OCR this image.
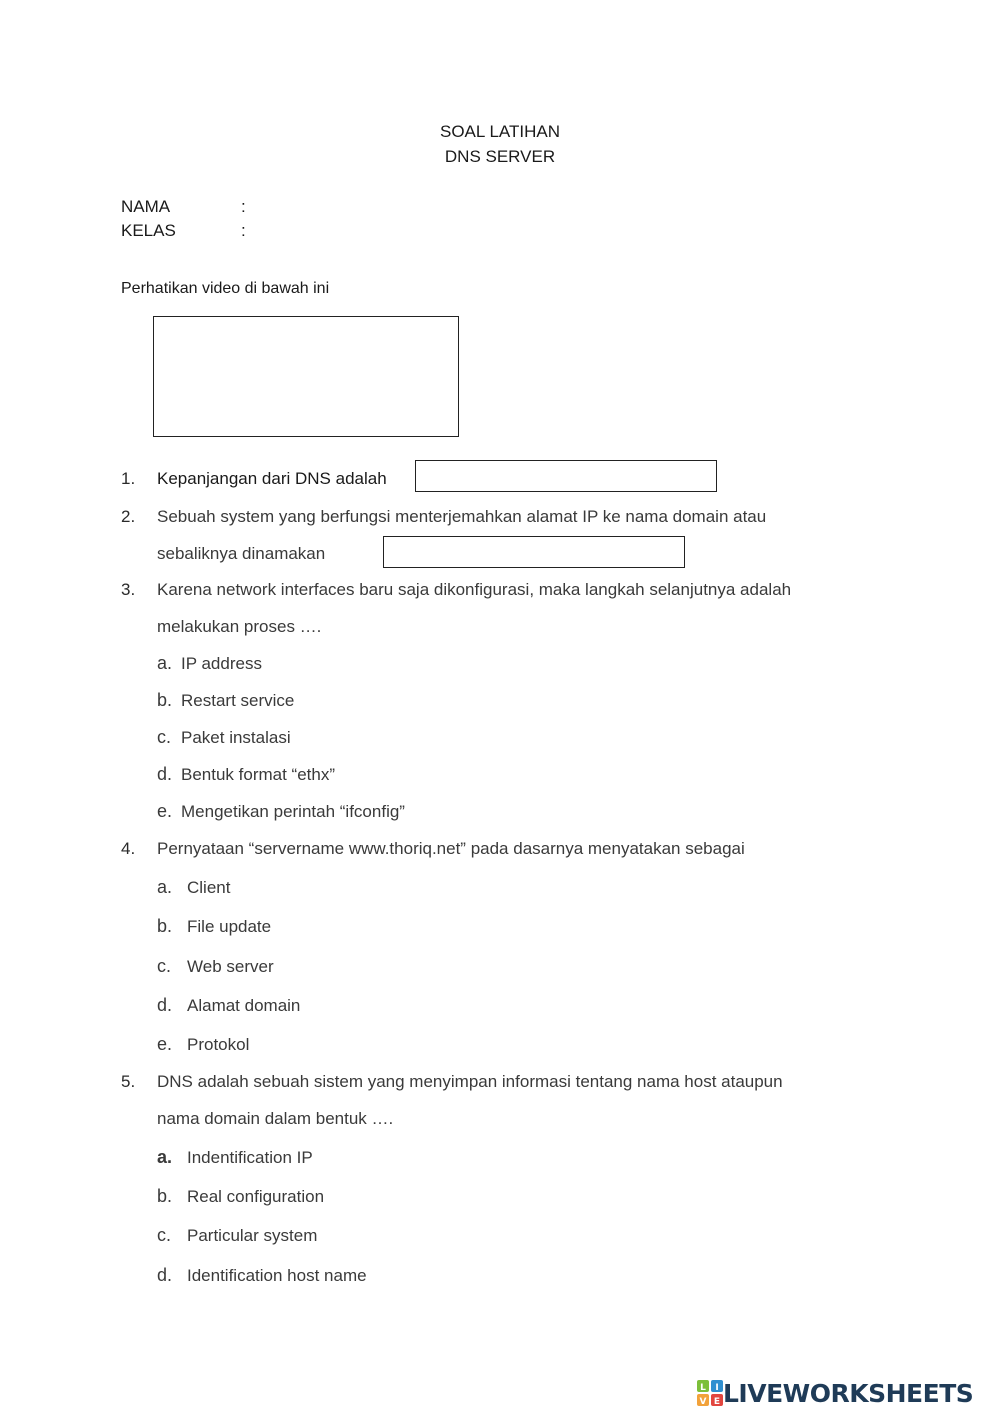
SOAL LATIHAN
DNS SERVER
NAMA	:
KELAS	:
Perhatikan video di bawah ini
1. Kepanjangan dari DNS adalah
2. Sebuah system yang berfungsi menterjemahkan alamat IP ke nama domain atau
sebaliknya dinamakan
3. Karena network interfaces baru saja dikonfigurasi, maka langkah selanjutnya adalah
melakukan proses ….
a. IP address
b. Restart service
c. Paket instalasi
d. Bentuk format “ethx”
e. Mengetikan perintah “ifconfig”
4. Pernyataan “servername www.thoriq.net” pada dasarnya menyatakan sebagai
a. Client
b. File update
c. Web server
d. Alamat domain
e. Protokol
5. DNS adalah sebuah sistem yang menyimpan informasi tentang nama host ataupun
nama domain dalam bentuk ….
a. Indentification IP
b. Real configuration
c. Particular system
d. Identification host name
L I
V E LIVEWORKSHEETS
